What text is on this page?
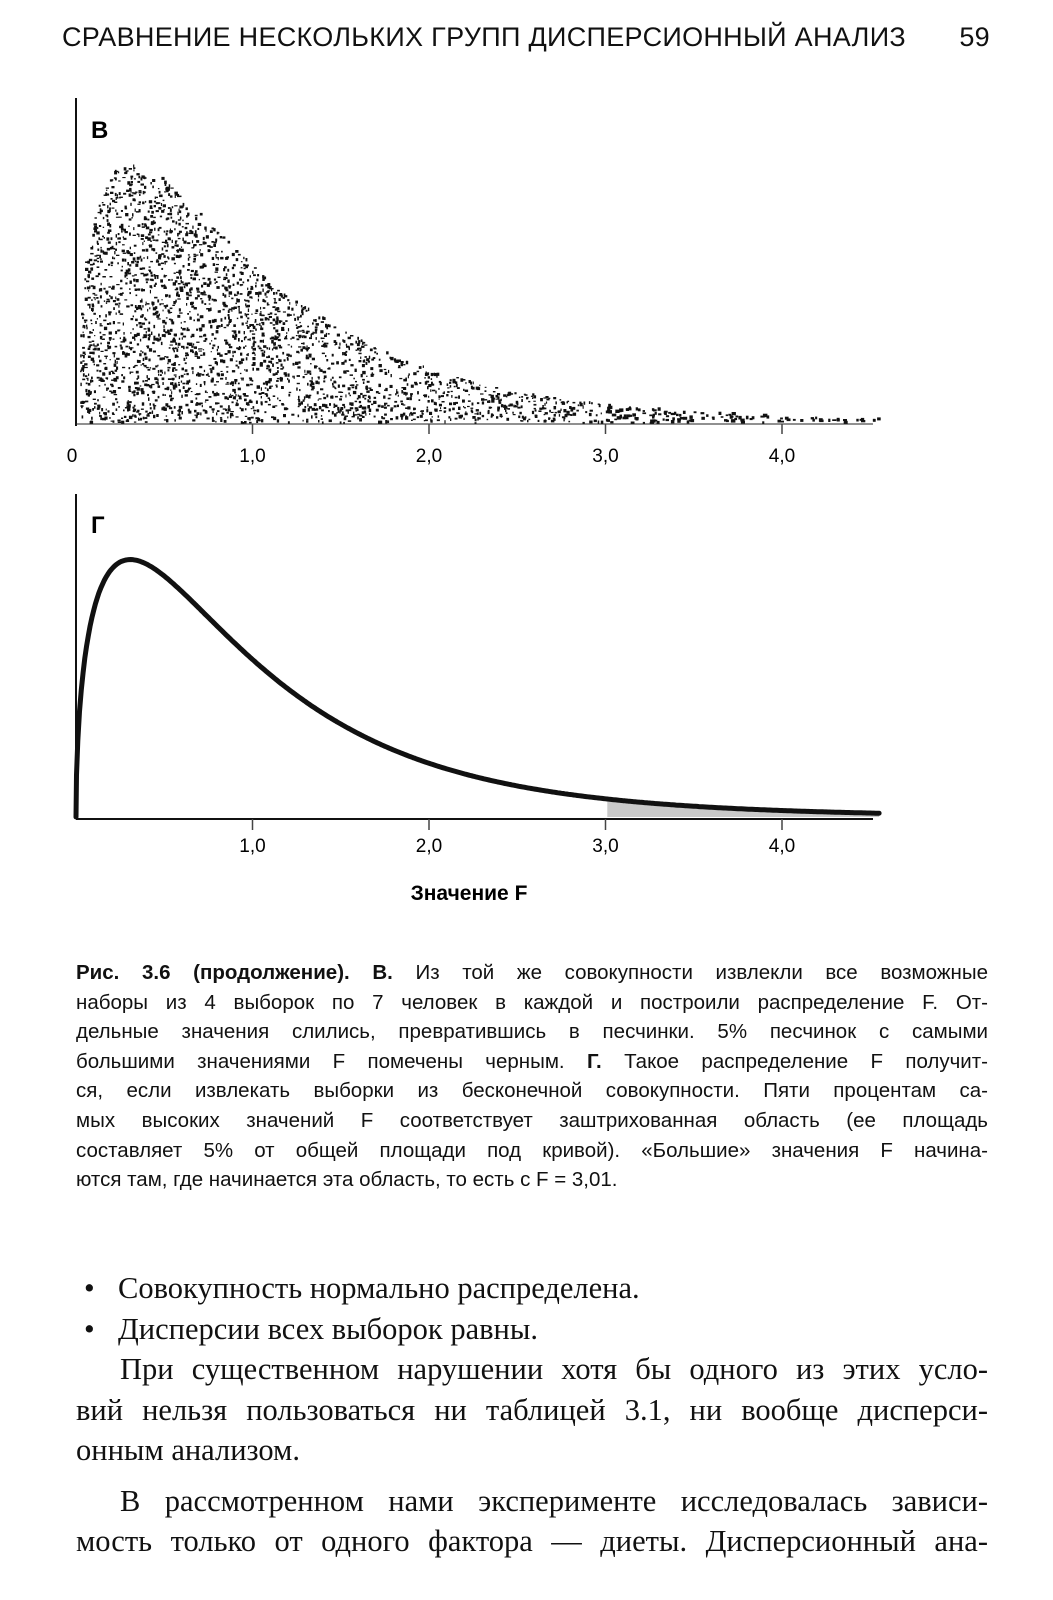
СРАВНЕНИЕ НЕСКОЛЬКИХ ГРУПП ДИСПЕРСИОННЫЙ АНАЛИЗ 59
В
0	1,0	2,0	3,0	4,0
Г
1,0	2,0	3,0	4,0
Значение F
Рис. 3.6 (продолжение). В. Из той же совокупности извлекли все возможные
наборы из 4 выборок по 7 человек в каждой и построили распределение F. От-
дельные значения слились, превратившись в песчинки. 5% песчинок с самыми
большими значениями F помечены черным. Г. Такое распределение F получит-
ся, если извлекать выборки из бесконечной совокупности. Пяти процентам са-
мых высоких значений F соответствует заштрихованная область (ее площадь
составляет 5% от общей площади под кривой). «Большие» значения F начина-
ются там, где начинается эта область, то есть с F = 3,01.
• Совокупность нормально распределена.
• Дисперсии всех выборок равны.
При существенном нарушении хотя бы одного из этих усло-
вий нельзя пользоваться ни таблицей 3.1, ни вообще дисперси-
онным анализом.
В рассмотренном нами эксперименте исследовалась зависи-
мость только от одного фактора — диеты. Дисперсионный ана-
